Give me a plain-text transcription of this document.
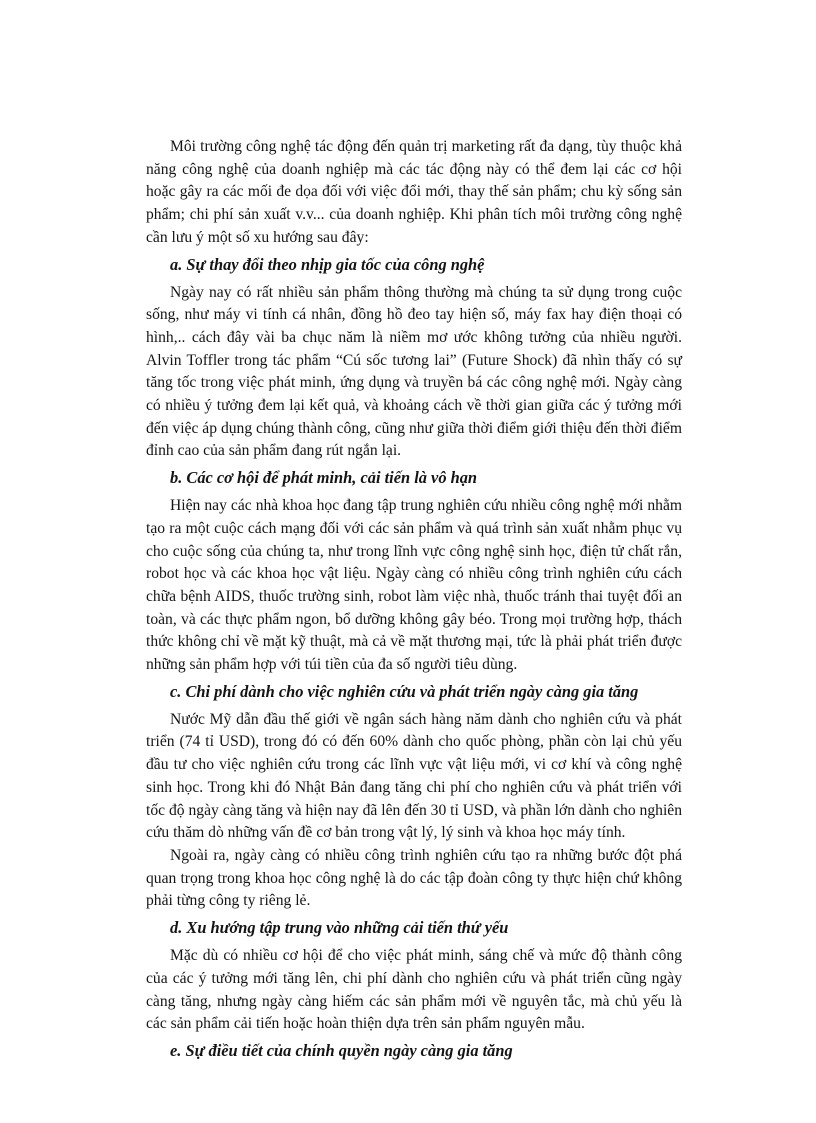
Môi trường công nghệ tác động đến quản trị marketing rất đa dạng, tùy thuộc khả năng công nghệ của doanh nghiệp mà các tác động này có thể đem lại các cơ hội hoặc gây ra các mối đe dọa đối với việc đổi mới, thay thế sản phẩm; chu kỳ sống sản phẩm; chi phí sản xuất v.v... của doanh nghiệp. Khi phân tích môi trường công nghệ cần lưu ý một số xu hướng sau đây:

a. Sự thay đổi theo nhịp gia tốc của công nghệ

Ngày nay có rất nhiều sản phẩm thông thường mà chúng ta sử dụng trong cuộc sống, như máy vi tính cá nhân, đồng hồ đeo tay hiện số, máy fax hay điện thoại có hình,.. cách đây vài ba chục năm là niềm mơ ước không tưởng của nhiều người. Alvin Toffler trong tác phẩm “Cú sốc tương lai” (Future Shock) đã nhìn thấy có sự tăng tốc trong việc phát minh, ứng dụng và truyền bá các công nghệ mới. Ngày càng có nhiều ý tưởng đem lại kết quả, và khoảng cách về thời gian giữa các ý tưởng mới đến việc áp dụng chúng thành công, cũng như giữa thời điểm giới thiệu đến thời điểm đỉnh cao của sản phẩm đang rút ngắn lại.

b. Các cơ hội để phát minh, cải tiến là vô hạn

Hiện nay các nhà khoa học đang tập trung nghiên cứu nhiều công nghệ mới nhằm tạo ra một cuộc cách mạng đối với các sản phẩm và quá trình sản xuất nhằm phục vụ cho cuộc sống của chúng ta, như trong lĩnh vực công nghệ sinh học, điện tử chất rắn, robot học và các khoa học vật liệu. Ngày càng có nhiều công trình nghiên cứu cách chữa bệnh AIDS, thuốc trường sinh, robot làm việc nhà, thuốc tránh thai tuyệt đối an toàn, và các thực phẩm ngon, bổ dưỡng không gây béo. Trong mọi trường hợp, thách thức không chỉ về mặt kỹ thuật, mà cả về mặt thương mại, tức là phải phát triển được những sản phẩm hợp với túi tiền của đa số người tiêu dùng.

c. Chi phí dành cho việc nghiên cứu và phát triển ngày càng gia tăng

Nước Mỹ dẫn đầu thế giới về ngân sách hàng năm dành cho nghiên cứu và phát triển (74 tỉ USD), trong đó có đến 60% dành cho quốc phòng, phần còn lại chủ yếu đầu tư cho việc nghiên cứu trong các lĩnh vực vật liệu mới, vi cơ khí và công nghệ sinh học. Trong khi đó Nhật Bản đang tăng chi phí cho nghiên cứu và phát triển với tốc độ ngày càng tăng và hiện nay đã lên đến 30 tỉ USD, và phần lớn dành cho nghiên cứu thăm dò những vấn đề cơ bản trong vật lý, lý sinh và khoa học máy tính.

Ngoài ra, ngày càng có nhiều công trình nghiên cứu tạo ra những bước đột phá quan trọng trong khoa học công nghệ là do các tập đoàn công ty thực hiện chứ không phải từng công ty riêng lẻ.

d. Xu hướng tập trung vào những cải tiến thứ yếu

Mặc dù có nhiều cơ hội để cho việc phát minh, sáng chế và mức độ thành công của các ý tưởng mới tăng lên, chi phí dành cho nghiên cứu và phát triển cũng ngày càng tăng, nhưng ngày càng hiếm các sản phẩm mới về nguyên tắc, mà chủ yếu là các sản phẩm cải tiến hoặc hoàn thiện dựa trên sản phẩm nguyên mẫu.

e. Sự điều tiết của chính quyền ngày càng gia tăng
